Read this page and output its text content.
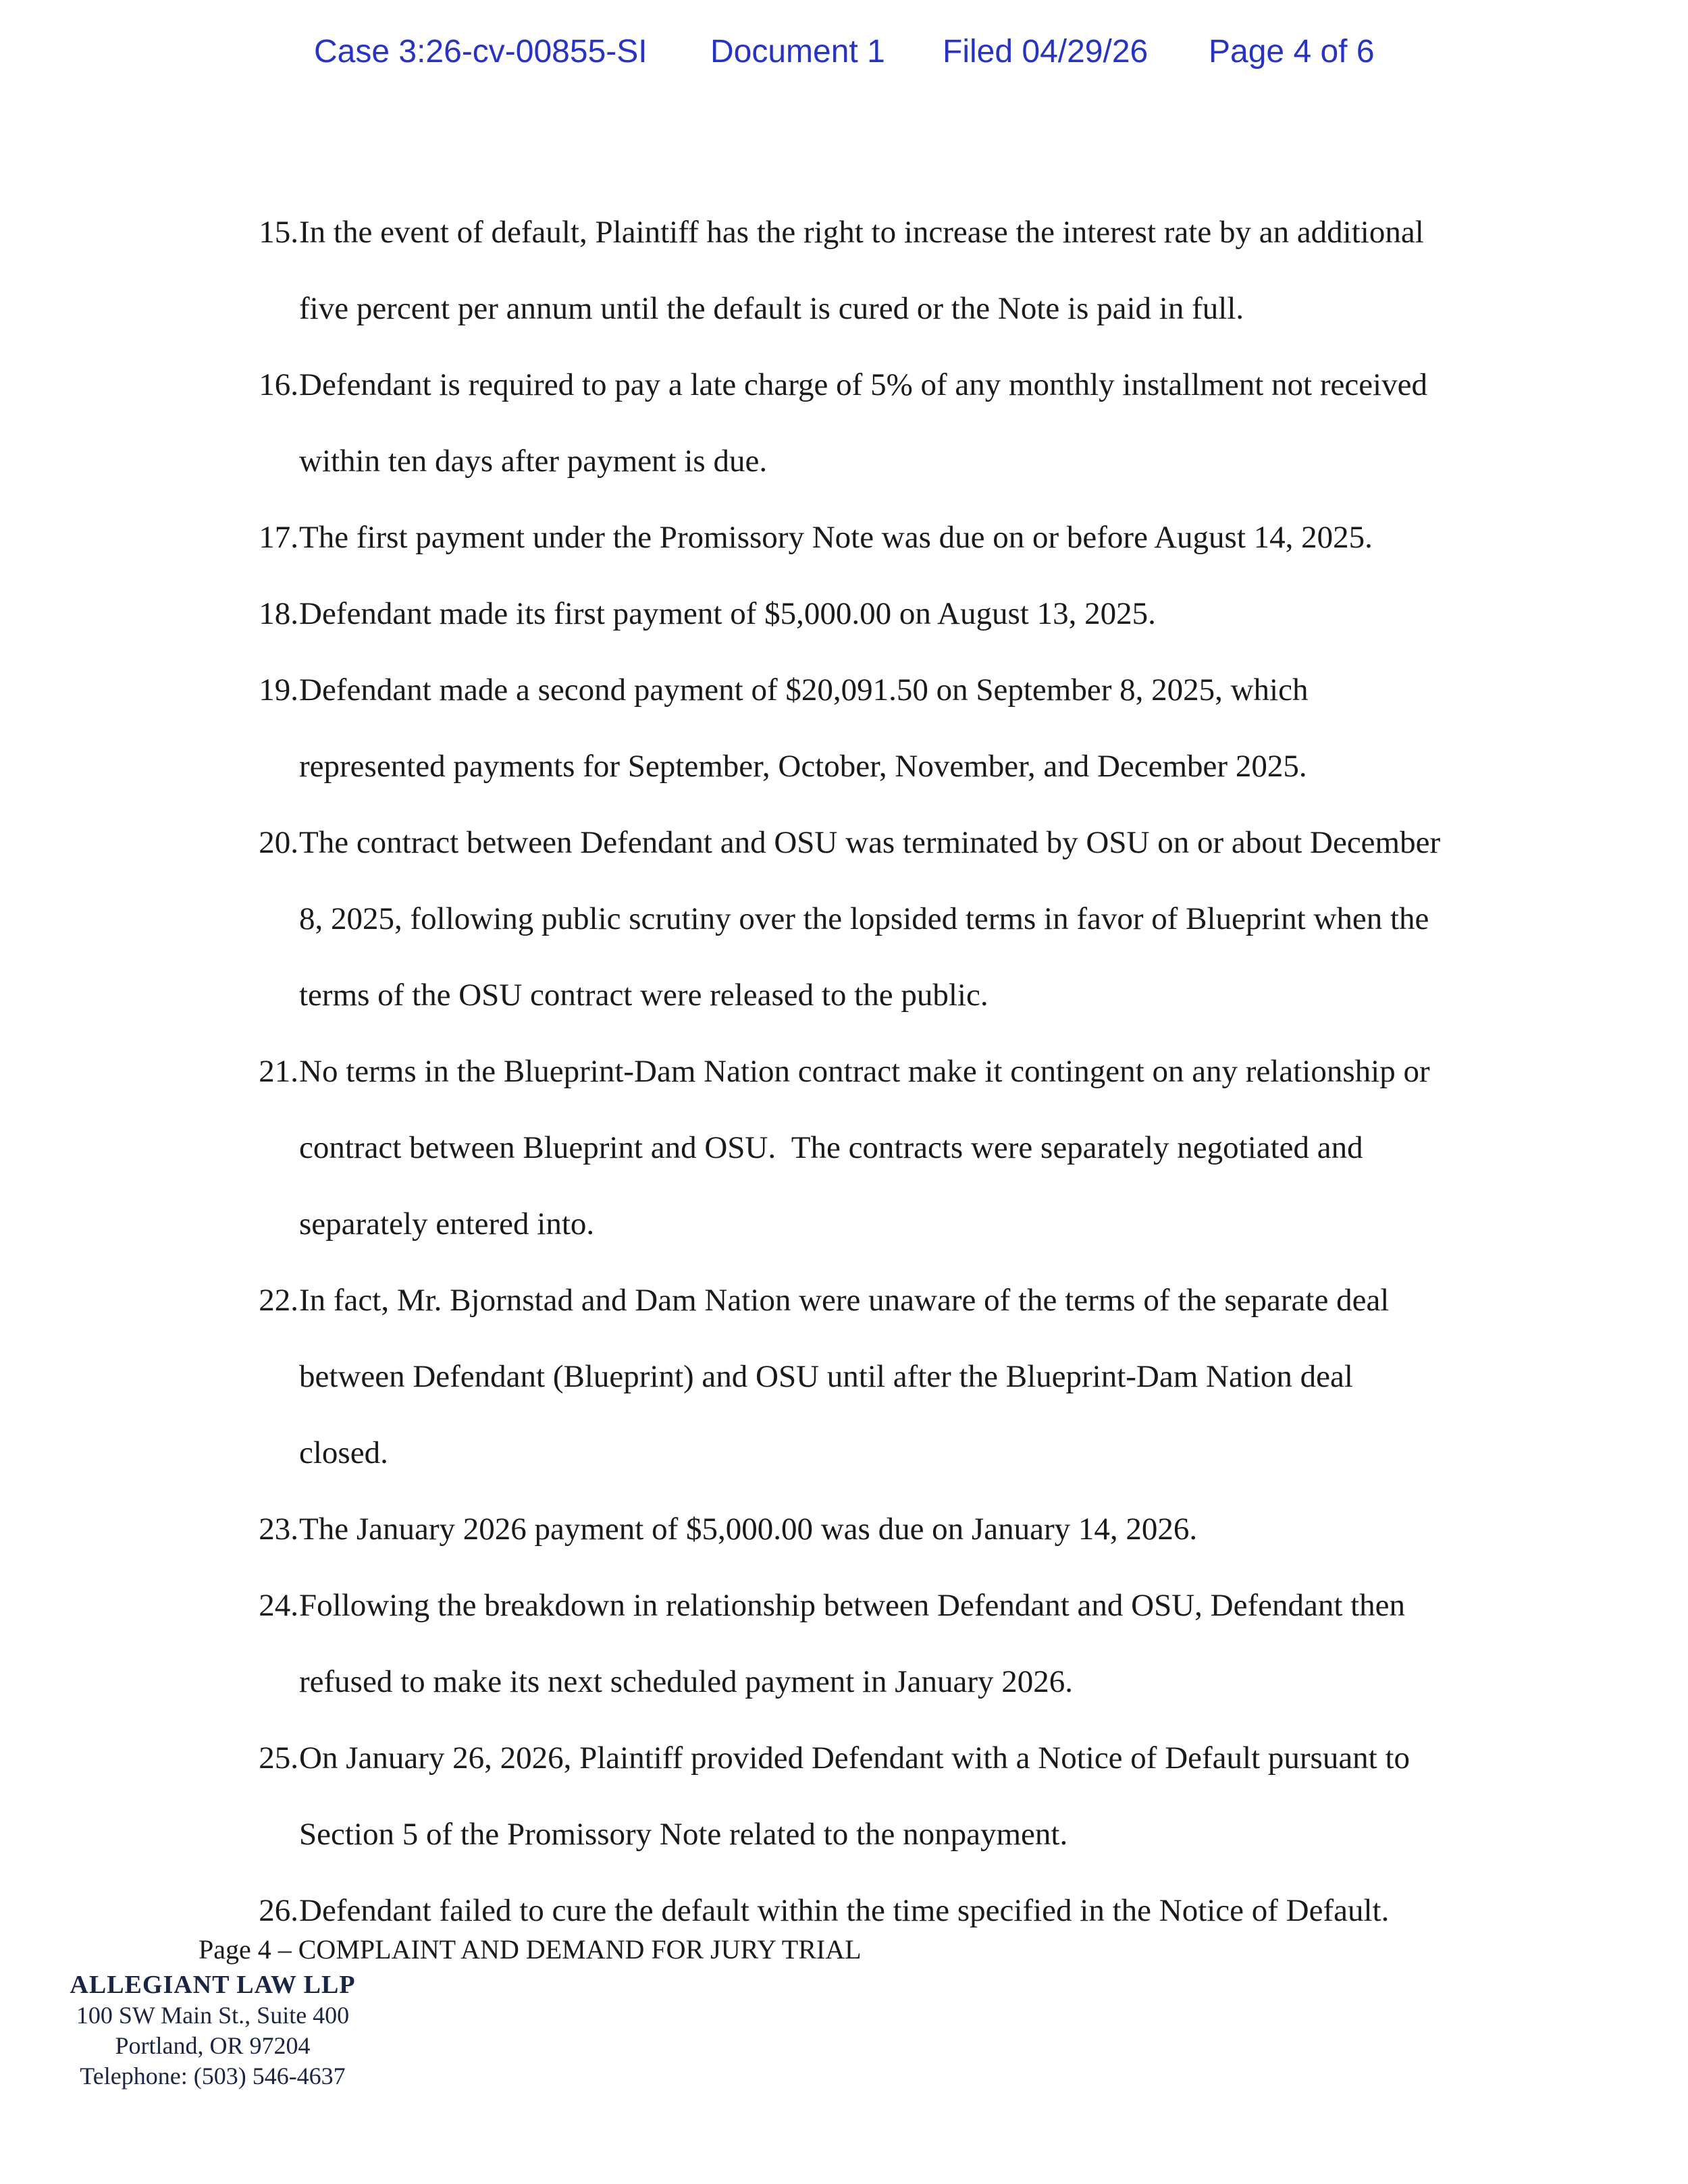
Case 3:26-cv-00855-SI Document 1 Filed 04/29/26 Page 4 of 6
15. In the event of default, Plaintiff has the right to increase the interest rate by an additional
five percent per annum until the default is cured or the Note is paid in full.
16. Defendant is required to pay a late charge of 5% of any monthly installment not received
within ten days after payment is due.
17. The first payment under the Promissory Note was due on or before August 14, 2025.
18. Defendant made its first payment of $5,000.00 on August 13, 2025.
19. Defendant made a second payment of $20,091.50 on September 8, 2025, which
represented payments for September, October, November, and December 2025.
20. The contract between Defendant and OSU was terminated by OSU on or about December
8, 2025, following public scrutiny over the lopsided terms in favor of Blueprint when the
terms of the OSU contract were released to the public.
21. No terms in the Blueprint-Dam Nation contract make it contingent on any relationship or
contract between Blueprint and OSU.  The contracts were separately negotiated and
separately entered into.
22. In fact, Mr. Bjornstad and Dam Nation were unaware of the terms of the separate deal
between Defendant (Blueprint) and OSU until after the Blueprint-Dam Nation deal
closed.
23. The January 2026 payment of $5,000.00 was due on January 14, 2026.
24. Following the breakdown in relationship between Defendant and OSU, Defendant then
refused to make its next scheduled payment in January 2026.
25. On January 26, 2026, Plaintiff provided Defendant with a Notice of Default pursuant to
Section 5 of the Promissory Note related to the nonpayment.
26. Defendant failed to cure the default within the time specified in the Notice of Default.
Page 4 – COMPLAINT AND DEMAND FOR JURY TRIAL
ALLEGIANT LAW LLP
100 SW Main St., Suite 400
Portland, OR 97204
Telephone: (503) 546-4637
